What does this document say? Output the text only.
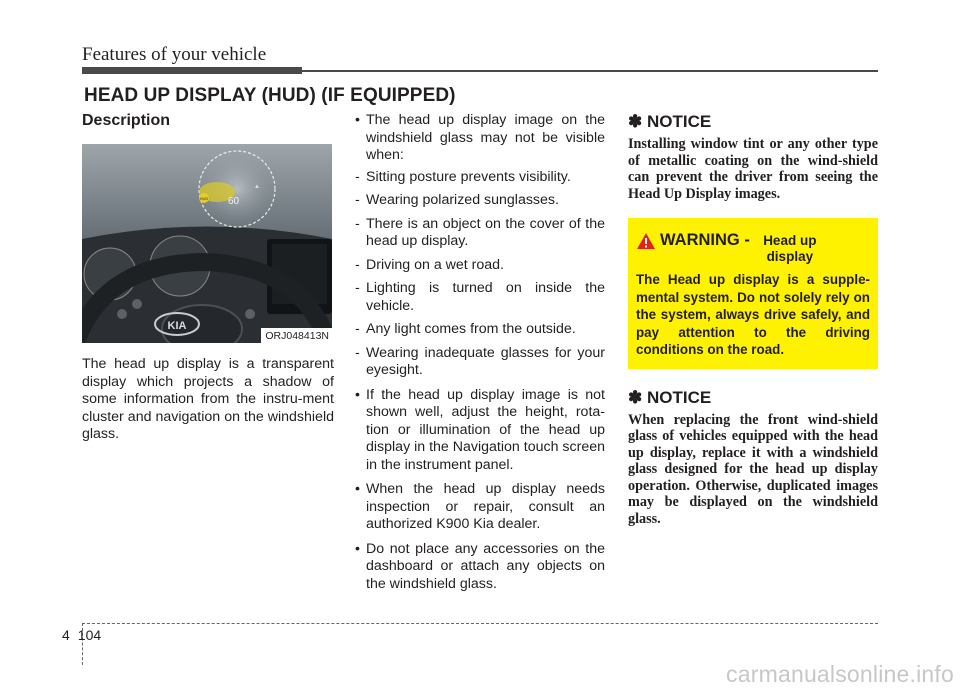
Features of your vehicle
HEAD UP DISPLAY (HUD) (IF EQUIPPED)

Description

HUD 60
▲
KIA
ORJ048413N

The head up display is a transparent display which projects a shadow of some information from the instru-ment cluster and navigation on the windshield glass.

• The head up display image on the windshield glass may not be visible when:

- Sitting posture prevents visibility.

- Wearing polarized sunglasses.

- There is an object on the cover of the head up display.

- Driving on a wet road.

- Lighting is turned on inside the vehicle.

- Any light comes from the outside.

- Wearing inadequate glasses for your eyesight.

• If the head up display image is not shown well, adjust the height, rota-tion or illumination of the head up display in the Navigation touch screen in the instrument panel.

• When the head up display needs inspection or repair, consult an authorized K900 Kia dealer.

• Do not place any accessories on the dashboard or attach any objects on the windshield glass.

✽ NOTICE

Installing window tint or any other type of metallic coating on the wind-shield can prevent the driver from seeing the Head Up Display images.

WARNING - Head up display

The Head up display is a supple-mental system. Do not solely rely on the system, always drive safely, and pay attention to the driving conditions on the road.

✽ NOTICE

When replacing the front wind-shield glass of vehicles equipped with the head up display, replace it with a windshield glass designed for the head up display operation. Otherwise, duplicated images may be displayed on the windshield glass.

4 104
carmanualsonline.info
